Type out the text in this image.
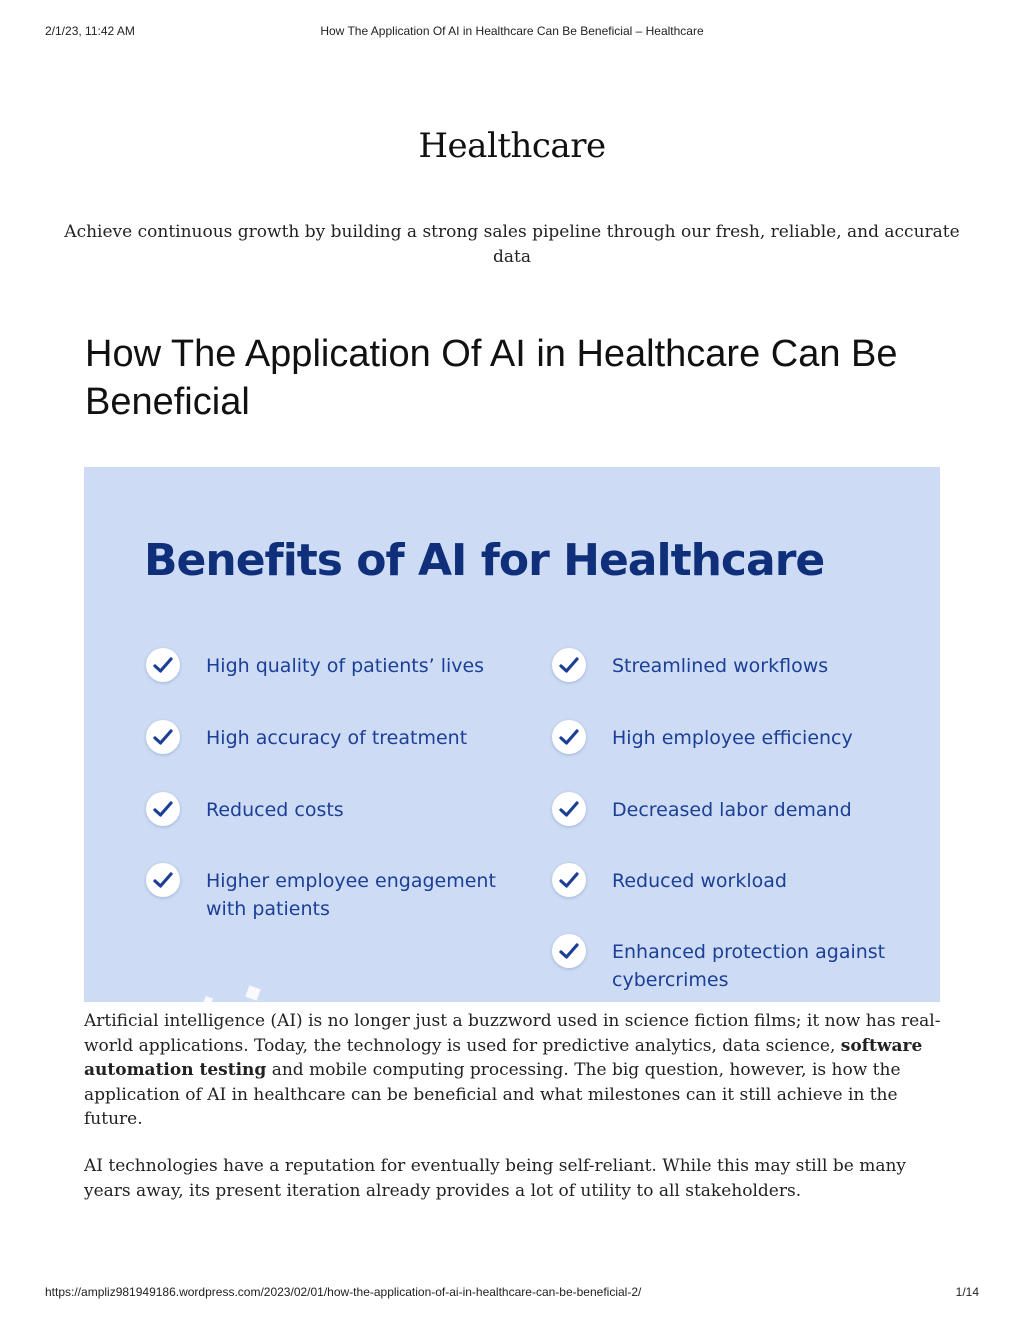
2/1/23, 11:42 AM	How The Application Of AI in Healthcare Can Be Beneficial – Healthcare
Healthcare

Achieve continuous growth by building a strong sales pipeline through our fresh, reliable, and accurate data

How The Application Of AI in Healthcare Can Be Beneficial
Benefits of AI for Healthcare
High quality of patients’ lives
High accuracy of treatment
Reduced costs
Higher employee engagement with patients
Streamlined workflows
High employee efficiency
Decreased labor demand
Reduced workload
Enhanced protection against cybercrimes

Artificial intelligence (AI) is no longer just a buzzword used in science fiction films; it now has real-world applications. Today, the technology is used for predictive analytics, data science, software automation testing and mobile computing processing. The big question, however, is how the application of AI in healthcare can be beneficial and what milestones can it still achieve in the future.

AI technologies have a reputation for eventually being self-reliant. While this may still be many years away, its present iteration already provides a lot of utility to all stakeholders.

https://ampliz981949186.wordpress.com/2023/02/01/how-the-application-of-ai-in-healthcare-can-be-beneficial-2/	1/14
